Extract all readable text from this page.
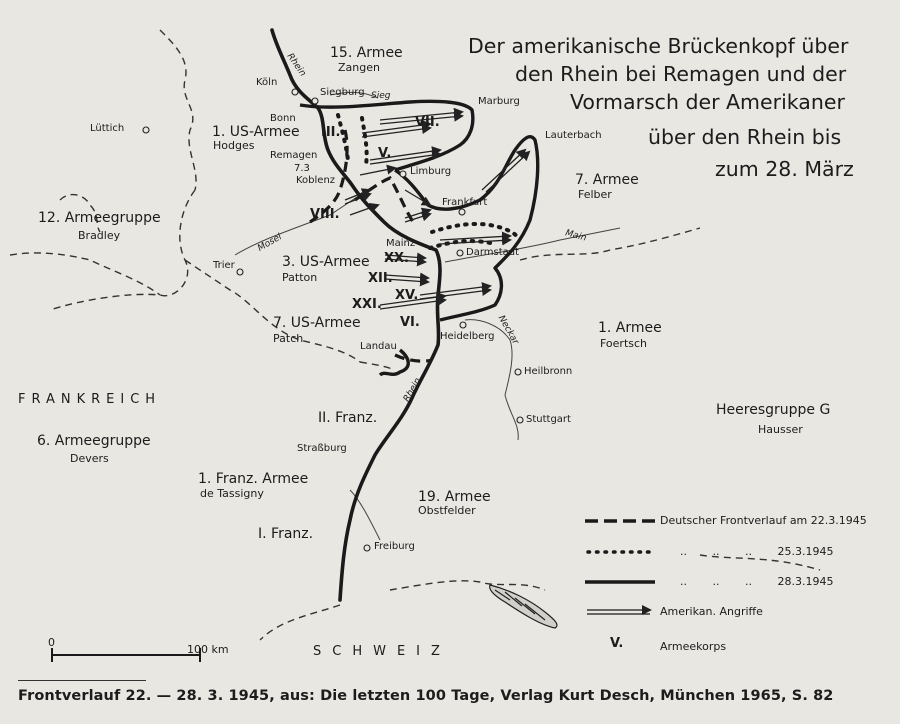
Der amerikanische Brückenkopf über
den Rhein bei Remagen und der
Vormarsch der Amerikaner
über den Rhein bis
zum 28. März
15. Armee
Zangen
1. US-Armee
Hodges
7. Armee
Felber
12. Armeegruppe
Bradley
3. US-Armee
Patton
7. US-Armee
Patch
1. Armee
Foertsch
Heeresgruppe G
Hausser
6. Armeegruppe
Devers
1. Franz. Armee
de Tassigny	19. Armee
Obstfelder
II. Franz.
I. Franz.
Köln
Siegburg
Bonn
Remagen
7.3
Marburg
Lauterbach
Lüttich
Koblenz
Limburg
Frankfurt
Mainz
Darmstadt
Trier
Heidelberg
Landau
Heilbronn
Stuttgart
Straßburg
Freiburg
Rhein
Sieg
Main
Mosel
Neckar
Rhein
III.
VII.
V.
VIII.
XX.
XII.
XV.
XXI.
VI.
FRANKREICH
SCHWEIZ
Deutscher Frontverlauf am 22.3.1945
.. .. .. 25.3.1945
.. .. .. 28.3.1945
Amerikan. Angriffe
V.	Armeekorps
0
100 km
Frontverlauf 22. — 28. 3. 1945, aus: Die letzten 100 Tage, Verlag Kurt Desch, München 1965, S. 82
